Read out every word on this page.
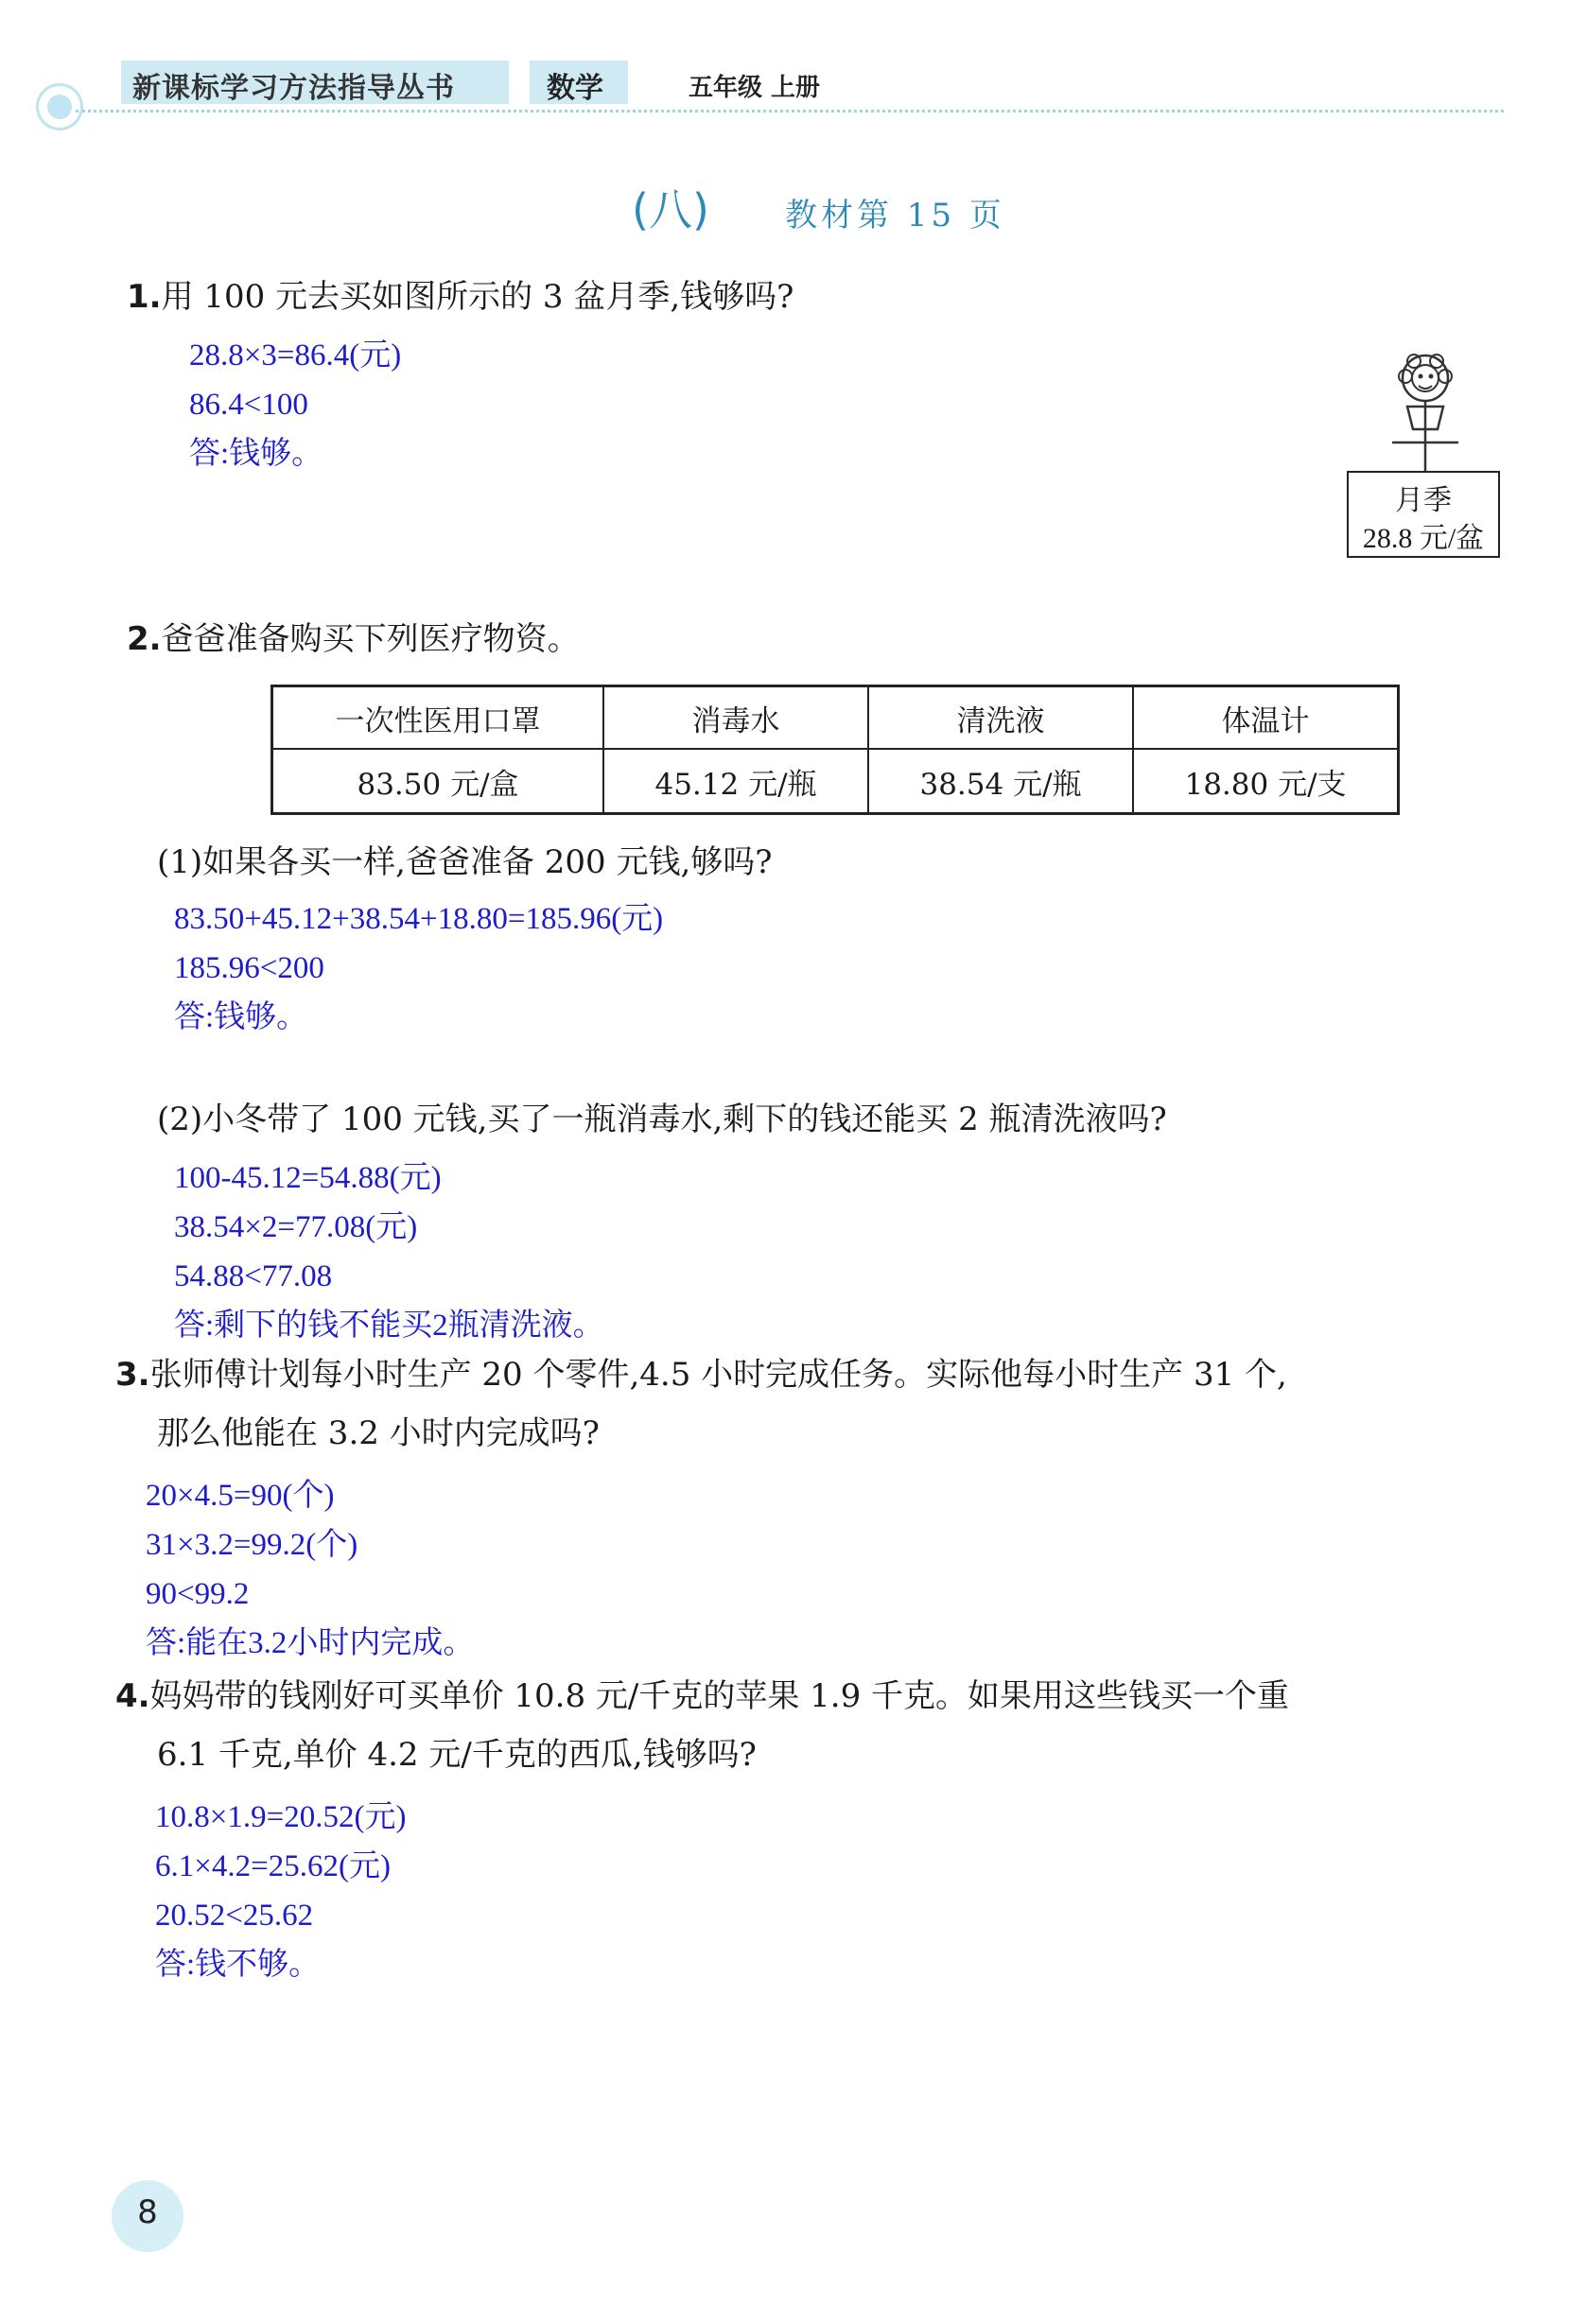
新课标学习方法指导丛书	数学	五年级 上册
(八) 教材第 15 页
1.用 100 元去买如图所示的 3 盆月季,钱够吗?
28.8×3=86.4(元)
86.4<100
答:钱够。
月季
28.8 元/盆
2.爸爸准备购买下列医疗物资。
一次性医用口罩	消毒水	清洗液	体温计
83.50 元/盒	45.12 元/瓶	38.54 元/瓶	18.80 元/支
(1)如果各买一样,爸爸准备 200 元钱,够吗?
83.50+45.12+38.54+18.80=185.96(元)
185.96<200
答:钱够。
(2)小冬带了 100 元钱,买了一瓶消毒水,剩下的钱还能买 2 瓶清洗液吗?
100-45.12=54.88(元)
38.54×2=77.08(元)
54.88<77.08
答:剩下的钱不能买2瓶清洗液。
3.张师傅计划每小时生产 20 个零件,4.5 小时完成任务。实际他每小时生产 31 个,
那么他能在 3.2 小时内完成吗?
20×4.5=90(个)
31×3.2=99.2(个)
90<99.2
答:能在3.2小时内完成。
4.妈妈带的钱刚好可买单价 10.8 元/千克的苹果 1.9 千克。如果用这些钱买一个重
6.1 千克,单价 4.2 元/千克的西瓜,钱够吗?
10.8×1.9=20.52(元)
6.1×4.2=25.62(元)
20.52<25.62
答:钱不够。
8
